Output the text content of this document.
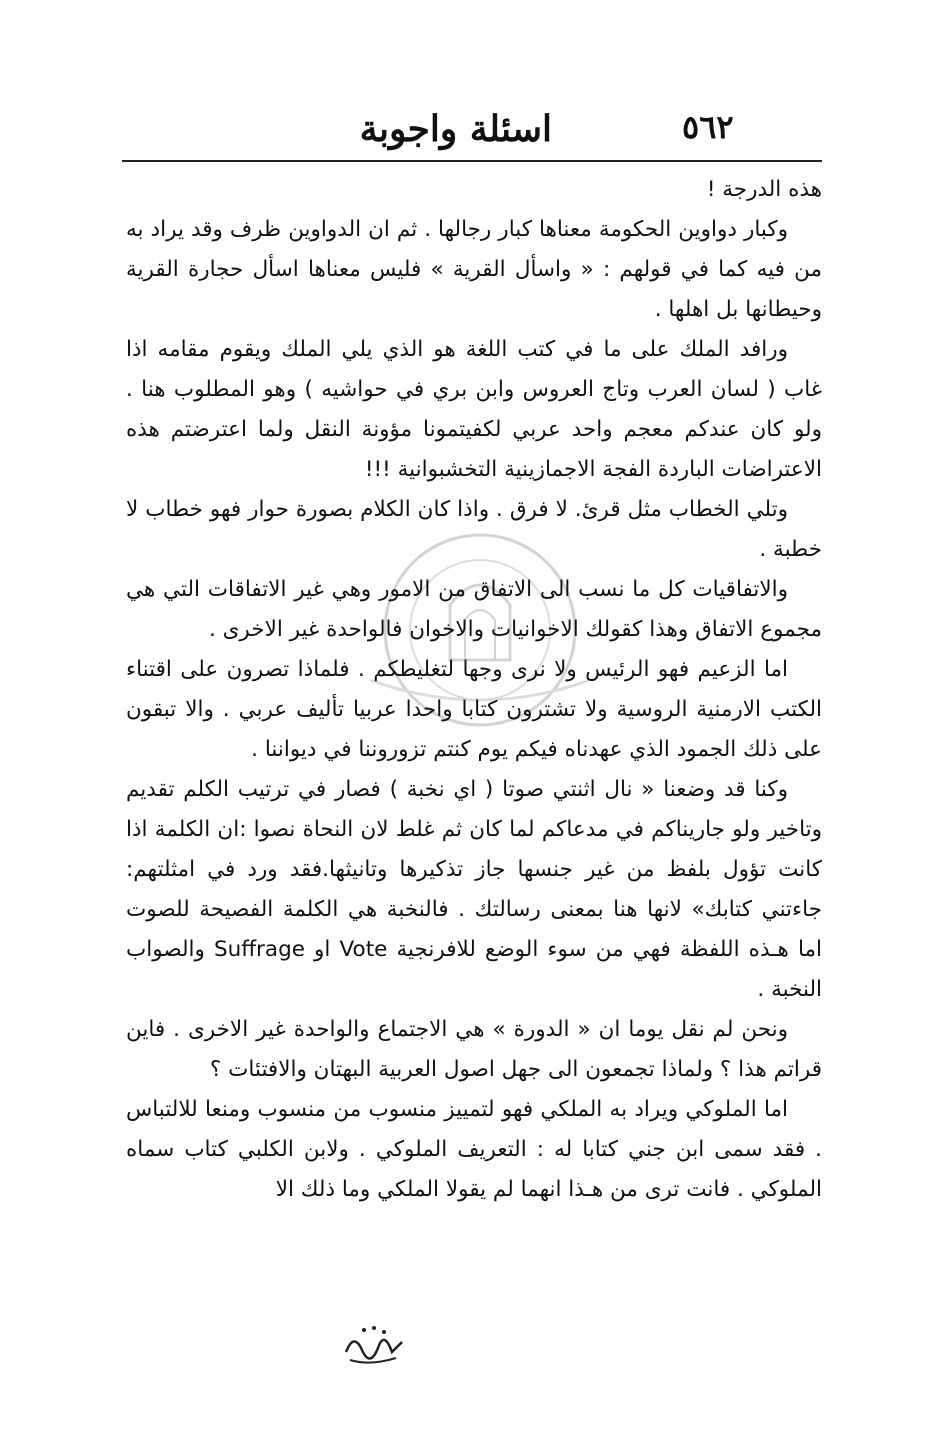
اسئلة واجوبة	٥٦٢

هذه الدرجة !

وكبار دواوين الحكومة معناها كبار رجالها . ثم ان الدواوين ظرف وقد يراد به من فيه كما في قولهم : « واسأل القرية » فليس معناها اسأل حجارة القرية وحيطانها بل اهلها .

ورافد الملك على ما في كتب اللغة هو الذي يلي الملك ويقوم مقامه اذا غاب ( لسان العرب وتاج العروس وابن بري في حواشيه ) وهو المطلوب هنا . ولو كان عندكم معجم واحد عربي لكفيتمونا مؤونة النقل ولما اعترضتم هذه الاعتراضات الباردة الفجة الاجمازينية التخشبوانية !!!

وتلي الخطاب مثل قرئ. لا فرق . واذا كان الكلام بصورة حوار فهو خطاب لا خطبة .

والاتفاقيات كل ما نسب الى الاتفاق من الامور وهي غير الاتفاقات التي هي مجموع الاتفاق وهذا كقولك الاخوانيات والاخوان فالواحدة غير الاخرى .

اما الزعيم فهو الرئيس ولا نرى وجها لتغليطكم . فلماذا تصرون على اقتناء الكتب الارمنية الروسية ولا تشترون كتابا واحدا عربيا تأليف عربي . والا تبقون على ذلك الجمود الذي عهدناه فيكم يوم كنتم تزوروننا في ديواننا .

وكنا قد وضعنا « نال اثنتي صوتا ( اي نخبة ) فصار في ترتيب الكلم تقديم وتاخير ولو جاريناكم في مدعاكم لما كان ثم غلط لان النحاة نصوا :ان الكلمة اذا كانت تؤول بلفظ من غير جنسها جاز تذكيرها وتانيثها.فقد ورد في امثلتهم: جاءتني كتابك» لانها هنا بمعنى رسالتك . فالنخبة هي الكلمة الفصيحة للصوت اما هـذه اللفظة فهي من سوء الوضع للافرنجية Vote او Suffrage والصواب النخبة .

ونحن لم نقل يوما ان « الدورة » هي الاجتماع والواحدة غير الاخرى . فاين قراتم هذا ؟ ولماذا تجمعون الى جهل اصول العربية البهتان والافتئات ؟

اما الملوكي ويراد به الملكي فهو لتمييز منسوب من منسوب ومنعا للالتباس . فقد سمى ابن جني كتابا له : التعريف الملوكي . ولابن الكلبي كتاب سماه الملوكي . فانت ترى من هـذا انهما لم يقولا الملكي وما ذلك الا
